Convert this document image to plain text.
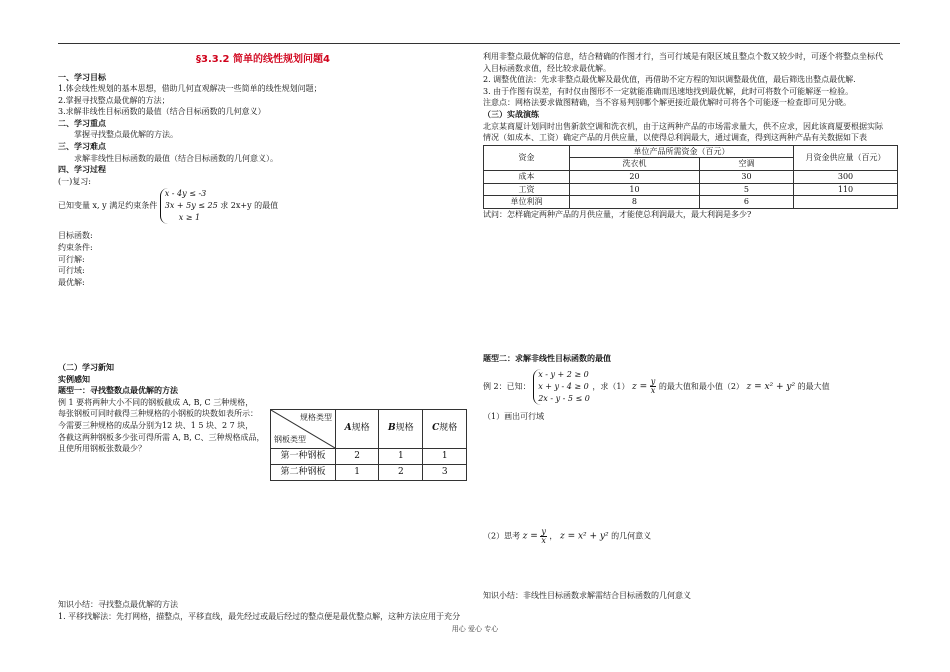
§3.3.2 简单的线性规划问题4
一、学习目标
1.体会线性规划的基本思想，借助几何直观解决一些简单的线性规划问题；
2.掌握寻找整点最优解的方法；
3.求解非线性目标函数的最值（结合目标函数的几何意义）
二、学习重点
掌握寻找整点最优解的方法。
三、学习难点
求解非线性目标函数的最值（结合目标函数的几何意义）。
四、学习过程
(一)复习:
已知变量 x, y 满足约束条件
x - 4y ≤ -3
3x + 5y ≤ 25
x ≥ 1
求 2x+y 的最值
目标函数:
约束条件:
可行解:
可行域:
最优解:
（二）学习新知
实例感知
题型一：寻找整数点最优解的方法
例 1 要将两种大小不同的钢板截成 A, B, C 三种规格，
每张钢板可同时截得三种规格的小钢板的块数如表所示：
今需要三种规格的成品分别为12 块、1 5 块、2 7 块，
各截这两种钢板多少张可得所需 A, B, C、三种规格成品，
且使所用钢板张数最少？
规格类型
钢板类型	A规格	B规格	C规格
第一种钢板	2	1	1
第二种钢板	1	2	3
知识小结：寻找整点最优解的方法
1. 平移找解法：先打网格，描整点，平移直线，最先经过或最后经过的整点便是最优整点解，这种方法应用于充分
利用非整点最优解的信息，结合精确的作图才行，当可行域是有限区域且整点个数又较少时，可逐个将整点坐标代
入目标函数求值，经比较求最优解。
2. 调整优值法：先求非整点最优解及最优值，再借助不定方程的知识调整最优值，最后筛选出整点最优解.
3. 由于作图有误差，有时仅由图形不一定就能准确而迅速地找到最优解，此时可将数个可能解逐一检验。
注意点：网格法要求做图精确，当不容易判别哪个解更接近最优解时可将各个可能逐一检查即可见分晓。
（三）实战演练
北京某商厦计划同时出售新款空调和洗衣机，由于这两种产品的市场需求量大，供不应求，因此该商厦要根据实际
情况（如成本、工资）确定产品的月供应量，以使得总利润最大，通过调查，得到这两种产品有关数据如下表
资金	单位产品所需资金（百元）		月资金供应量（百元）
	洗衣机	空调	
成本	20	30	300
工资	10	5	110
单位利润	8	6	
试问：怎样确定两种产品的月供应量，才能使总利润最大，最大利润是多少?
题型二：求解非线性目标函数的最值
例 2：已知：
x - y + 2 ≥ 0
x + y - 4 ≥ 0
2x - y - 5 ≤ 0
，求（1） $z = \frac{y}{x}$ 的最大值和最小值（2） z = x² + y² 的最大值
（1）画出可行域
（2）思考 $z = \frac{y}{x}$ ， z = x² + y² 的几何意义
知识小结：非线性目标函数求解需结合目标函数的几何意义
用心 爱心 专心
